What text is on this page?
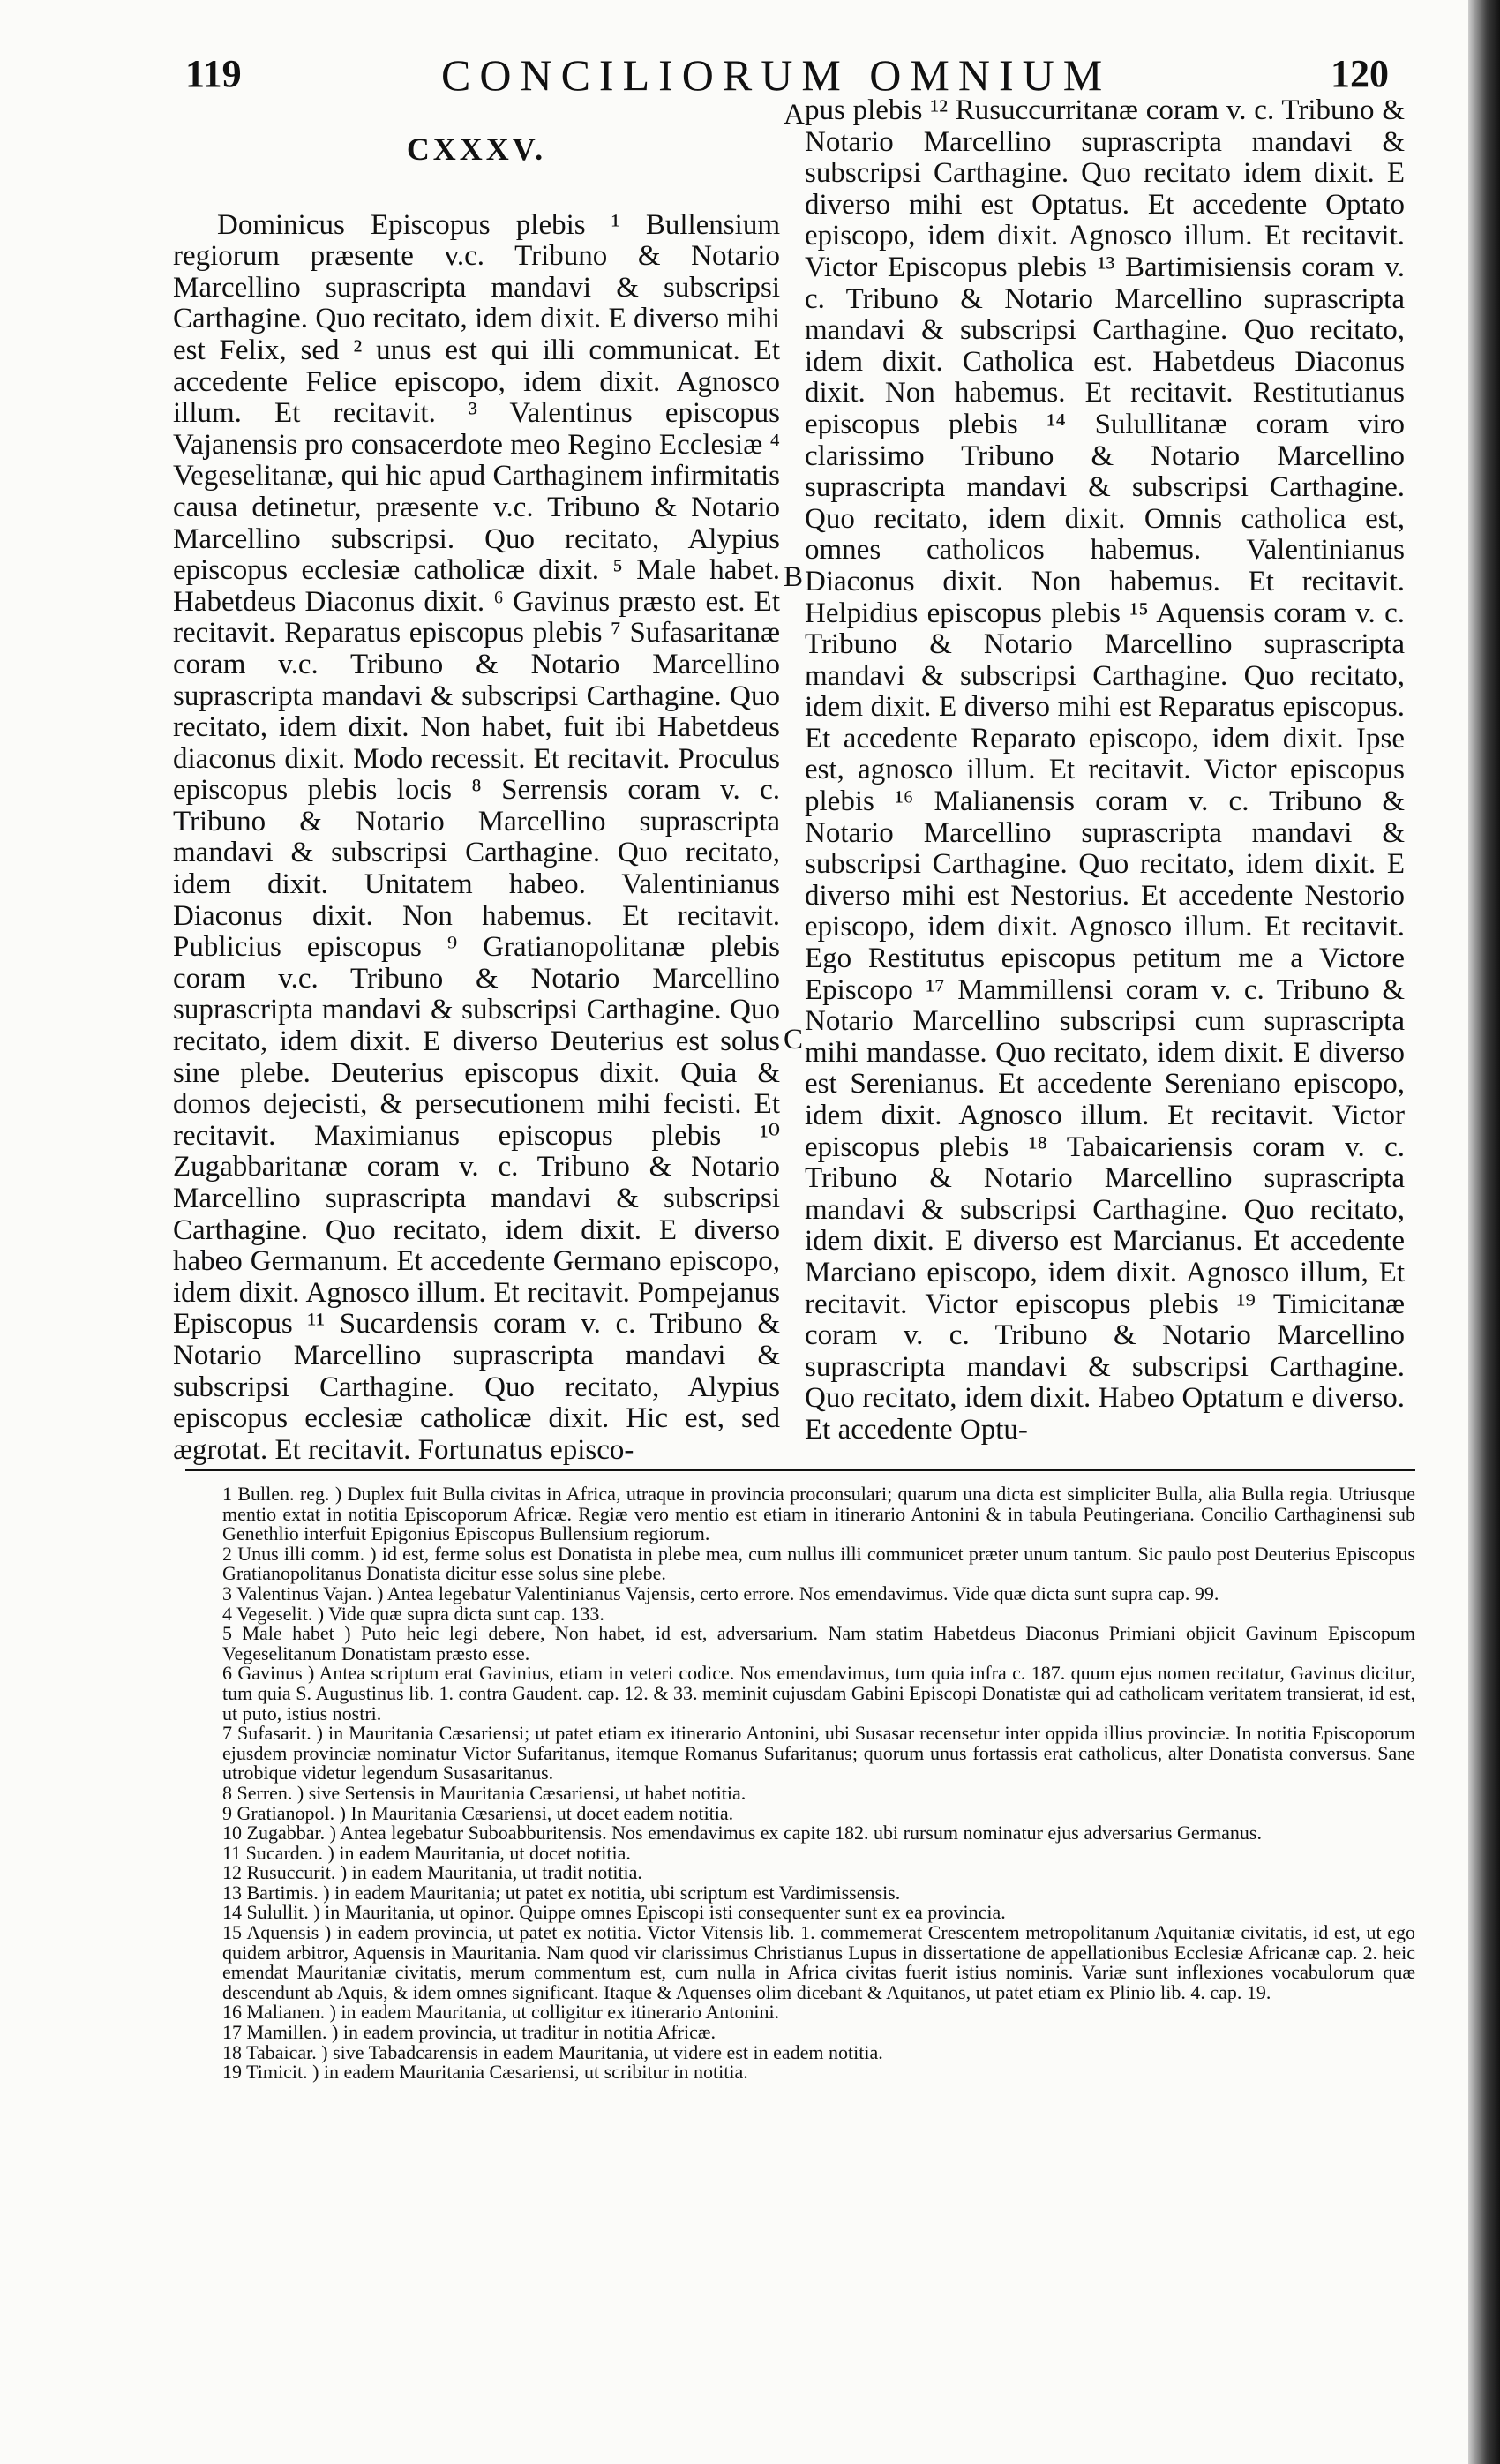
119	CONCILIORUM OMNIUM	120
CXXXV.

Dominicus Episcopus plebis ¹ Bullensium regiorum præsente v.c. Tribuno & Notario Marcellino suprascripta mandavi & subscripsi Carthagine. Quo recitato, idem dixit. E diverso mihi est Felix, sed ² unus est qui illi communicat. Et accedente Felice episcopo, idem dixit. Agnosco illum. Et recitavit. ³ Valentinus episcopus Vajanensis pro consacerdote meo Regino Ecclesiæ ⁴ Vegeselitanæ, qui hic apud Carthaginem infirmitatis causa detinetur, præsente v.c. Tribuno & Notario Marcellino subscripsi. Quo recitato, Alypius episcopus ecclesiæ catholicæ dixit. ⁵ Male habet. Habetdeus Diaconus dixit. ⁶ Gavinus præsto est. Et recitavit. Reparatus episcopus plebis ⁷ Sufasaritanæ coram v.c. Tribuno & Notario Marcellino suprascripta mandavi & subscripsi Carthagine. Quo recitato, idem dixit. Non habet, fuit ibi Habetdeus diaconus dixit. Modo recessit. Et recitavit. Proculus episcopus plebis locis ⁸ Serrensis coram v. c. Tribuno & Notario Marcellino suprascripta mandavi & subscripsi Carthagine. Quo recitato, idem dixit. Unitatem habeo. Valentinianus Diaconus dixit. Non habemus. Et recitavit. Publicius episcopus ⁹ Gratianopolitanæ plebis coram v.c. Tribuno & Notario Marcellino suprascripta mandavi & subscripsi Carthagine. Quo recitato, idem dixit. E diverso Deuterius est solus sine plebe. Deuterius episcopus dixit. Quia & domos dejecisti, & persecutionem mihi fecisti. Et recitavit. Maximianus episcopus plebis ¹⁰ Zugabbaritanæ coram v. c. Tribuno & Notario Marcellino suprascripta mandavi & subscripsi Carthagine. Quo recitato, idem dixit. E diverso habeo Germanum. Et accedente Germano episcopo, idem dixit. Agnosco illum. Et recitavit. Pompejanus Episcopus ¹¹ Sucardensis coram v. c. Tribuno & Notario Marcellino suprascripta mandavi & subscripsi Carthagine. Quo recitato, Alypius episcopus ecclesiæ catholicæ dixit. Hic est, sed ægrotat. Et recitavit. Fortunatus episco-

A
B
C

pus plebis ¹² Rusuccurritanæ coram v. c. Tribuno & Notario Marcellino suprascripta mandavi & subscripsi Carthagine. Quo recitato idem dixit. E diverso mihi est Optatus. Et accedente Optato episcopo, idem dixit. Agnosco illum. Et recitavit. Victor Episcopus plebis ¹³ Bartimisiensis coram v. c. Tribuno & Notario Marcellino suprascripta mandavi & subscripsi Carthagine. Quo recitato, idem dixit. Catholica est. Habetdeus Diaconus dixit. Non habemus. Et recitavit. Restitutianus episcopus plebis ¹⁴ Sulullitanæ coram viro clarissimo Tribuno & Notario Marcellino suprascripta mandavi & subscripsi Carthagine. Quo recitato, idem dixit. Omnis catholica est, omnes catholicos habemus. Valentinianus Diaconus dixit. Non habemus. Et recitavit. Helpidius episcopus plebis ¹⁵ Aquensis coram v. c. Tribuno & Notario Marcellino suprascripta mandavi & subscripsi Carthagine. Quo recitato, idem dixit. E diverso mihi est Reparatus episcopus. Et accedente Reparato episcopo, idem dixit. Ipse est, agnosco illum. Et recitavit. Victor episcopus plebis ¹⁶ Malianensis coram v. c. Tribuno & Notario Marcellino suprascripta mandavi & subscripsi Carthagine. Quo recitato, idem dixit. E diverso mihi est Nestorius. Et accedente Nestorio episcopo, idem dixit. Agnosco illum. Et recitavit. Ego Restitutus episcopus petitum me a Victore Episcopo ¹⁷ Mammillensi coram v. c. Tribuno & Notario Marcellino subscripsi cum suprascripta mihi mandasse. Quo recitato, idem dixit. E diverso est Serenianus. Et accedente Sereniano episcopo, idem dixit. Agnosco illum. Et recitavit. Victor episcopus plebis ¹⁸ Tabaicariensis coram v. c. Tribuno & Notario Marcellino suprascripta mandavi & subscripsi Carthagine. Quo recitato, idem dixit. E diverso est Marcianus. Et accedente Marciano episcopo, idem dixit. Agnosco illum, Et recitavit. Victor episcopus plebis ¹⁹ Timicitanæ coram v. c. Tribuno & Notario Marcellino suprascripta mandavi & subscripsi Carthagine. Quo recitato, idem dixit. Habeo Optatum e diverso. Et accedente Optu-

1 Bullen. reg. ) Duplex fuit Bulla civitas in Africa, utraque in provincia proconsulari; quarum una dicta est simpliciter Bulla, alia Bulla regia. Utriusque mentio extat in notitia Episcoporum Africæ. Regiæ vero mentio est etiam in itinerario Antonini & in tabula Peutingeriana. Concilio Carthaginensi sub Genethlio interfuit Epigonius Episcopus Bullensium regiorum.

2 Unus illi comm. ) id est, ferme solus est Donatista in plebe mea, cum nullus illi communicet præter unum tantum. Sic paulo post Deuterius Episcopus Gratianopolitanus Donatista dicitur esse solus sine plebe.

3 Valentinus Vajan. ) Antea legebatur Valentinianus Vajensis, certo errore. Nos emendavimus. Vide quæ dicta sunt supra cap. 99.

4 Vegeselit. ) Vide quæ supra dicta sunt cap. 133.

5 Male habet ) Puto heic legi debere, Non habet, id est, adversarium. Nam statim Habetdeus Diaconus Primiani objicit Gavinum Episcopum Vegeselitanum Donatistam præsto esse.

6 Gavinus ) Antea scriptum erat Gavinius, etiam in veteri codice. Nos emendavimus, tum quia infra c. 187. quum ejus nomen recitatur, Gavinus dicitur, tum quia S. Augustinus lib. 1. contra Gaudent. cap. 12. & 33. meminit cujusdam Gabini Episcopi Donatistæ qui ad catholicam veritatem transierat, id est, ut puto, istius nostri.

7 Sufasarit. ) in Mauritania Cæsariensi; ut patet etiam ex itinerario Antonini, ubi Susasar recensetur inter oppida illius provinciæ. In notitia Episcoporum ejusdem provinciæ nominatur Victor Sufaritanus, itemque Romanus Sufaritanus; quorum unus fortassis erat catholicus, alter Donatista conversus. Sane utrobique videtur legendum Susasaritanus.

8 Serren. ) sive Sertensis in Mauritania Cæsariensi, ut habet notitia.

9 Gratianopol. ) In Mauritania Cæsariensi, ut docet eadem notitia.

10 Zugabbar. ) Antea legebatur Suboabburitensis. Nos emendavimus ex capite 182. ubi rursum nominatur ejus adversarius Germanus.

11 Sucarden. ) in eadem Mauritania, ut docet notitia.

12 Rusuccurit. ) in eadem Mauritania, ut tradit notitia.

13 Bartimis. ) in eadem Mauritania; ut patet ex notitia, ubi scriptum est Vardimissensis.

14 Sulullit. ) in Mauritania, ut opinor. Quippe omnes Episcopi isti consequenter sunt ex ea provincia.

15 Aquensis ) in eadem provincia, ut patet ex notitia. Victor Vitensis lib. 1. commemerat Crescentem metropolitanum Aquitaniæ civitatis, id est, ut ego quidem arbitror, Aquensis in Mauritania. Nam quod vir clarissimus Christianus Lupus in dissertatione de appellationibus Ecclesiæ Africanæ cap. 2. heic emendat Mauritaniæ civitatis, merum commentum est, cum nulla in Africa civitas fuerit istius nominis. Variæ sunt inflexiones vocabulorum quæ descendunt ab Aquis, & idem omnes significant. Itaque & Aquenses olim dicebant & Aquitanos, ut patet etiam ex Plinio lib. 4. cap. 19.

16 Malianen. ) in eadem Mauritania, ut colligitur ex itinerario Antonini.

17 Mamillen. ) in eadem provincia, ut traditur in notitia Africæ.

18 Tabaicar. ) sive Tabadcarensis in eadem Mauritania, ut videre est in eadem notitia.

19 Timicit. ) in eadem Mauritania Cæsariensi, ut scribitur in notitia.
